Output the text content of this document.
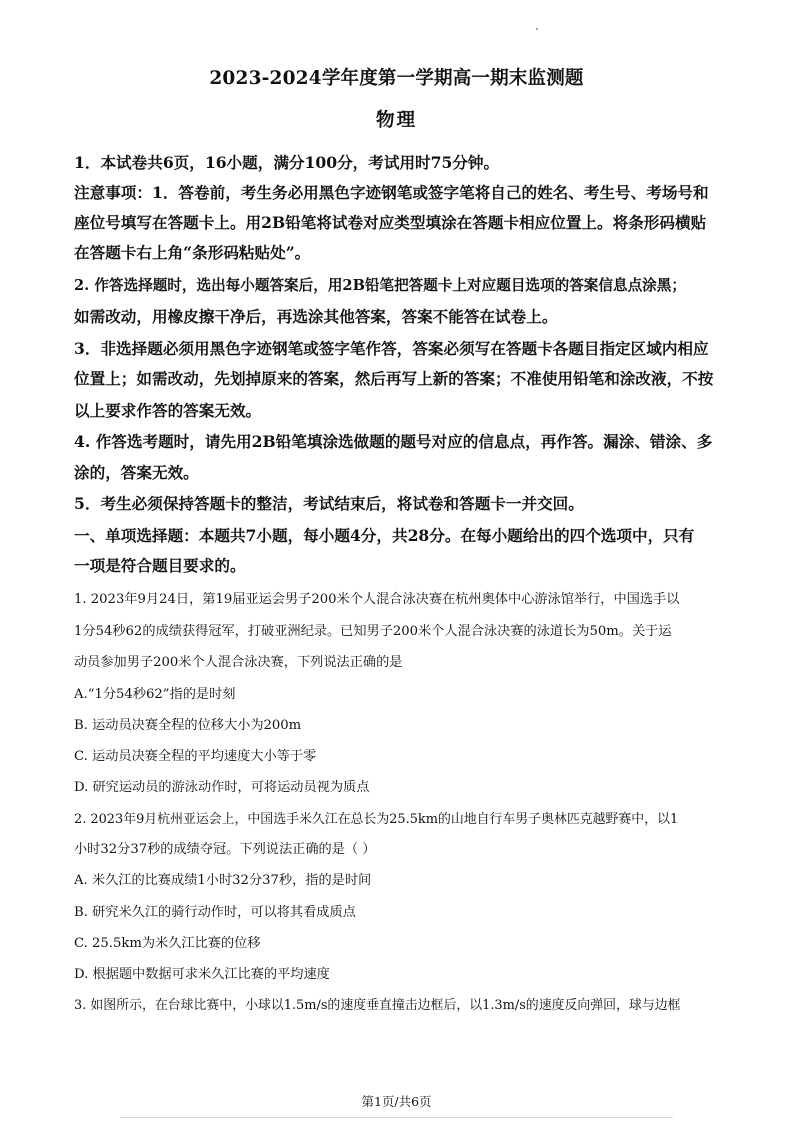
2023-2024学年度第一学期高一期末监测题
物理
1．本试卷共6页，16小题，满分100分，考试用时75分钟。
注意事项：1．答卷前，考生务必用黑色字迹钢笔或签字笔将自己的姓名、考生号、考场号和
座位号填写在答题卡上。用2B铅笔将试卷对应类型填涂在答题卡相应位置上。将条形码横贴
在答题卡右上角“条形码粘贴处”。
2. 作答选择题时，选出每小题答案后，用2B铅笔把答题卡上对应题目选项的答案信息点涂黑；
如需改动，用橡皮擦干净后，再选涂其他答案，答案不能答在试卷上。
3．非选择题必须用黑色字迹钢笔或签字笔作答，答案必须写在答题卡各题目指定区域内相应
位置上；如需改动，先划掉原来的答案，然后再写上新的答案；不准使用铅笔和涂改液，不按
以上要求作答的答案无效。
4. 作答选考题时，请先用2B铅笔填涂选做题的题号对应的信息点，再作答。漏涂、错涂、多
涂的，答案无效。
5．考生必须保持答题卡的整洁，考试结束后，将试卷和答题卡一并交回。
一、单项选择题：本题共7小题，每小题4分，共28分。在每小题给出的四个选项中，只有
一项是符合题目要求的。
1. 2023年9月24日，第19届亚运会男子200米个人混合泳决赛在杭州奥体中心游泳馆举行，中国选手以
1分54秒62的成绩获得冠军，打破亚洲纪录。已知男子200米个人混合泳决赛的泳道长为50m。关于运
动员参加男子200米个人混合泳决赛，下列说法正确的是
A.“1分54秒62”指的是时刻
B. 运动员决赛全程的位移大小为200m
C. 运动员决赛全程的平均速度大小等于零
D. 研究运动员的游泳动作时，可将运动员视为质点
2. 2023年9月杭州亚运会上，中国选手米久江在总长为25.5km的山地自行车男子奥林匹克越野赛中，以1
小时32分37秒的成绩夺冠。下列说法正确的是（ ）
A. 米久江的比赛成绩1小时32分37秒，指的是时间
B. 研究米久江的骑行动作时，可以将其看成质点
C. 25.5km为米久江比赛的位移
D. 根据题中数据可求米久江比赛的平均速度
3. 如图所示，在台球比赛中，小球以1.5m/s的速度垂直撞击边框后，以1.3m/s的速度反向弹回，球与边框
第1页/共6页
